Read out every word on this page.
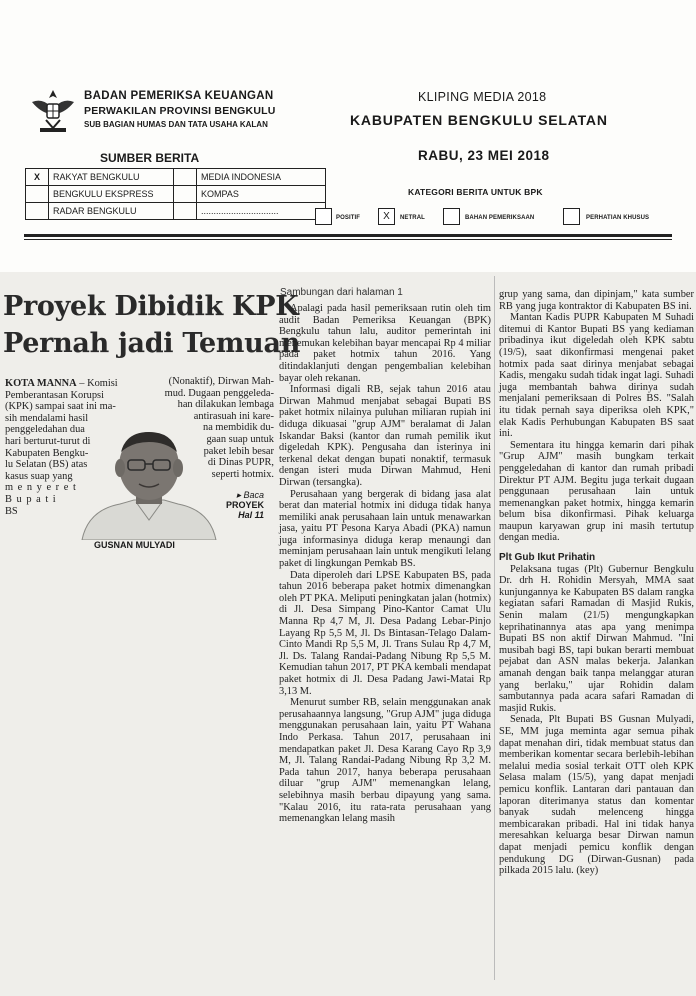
BADAN PEMERIKSA KEUANGAN
PERWAKILAN PROVINSI BENGKULU
SUB BAGIAN HUMAS DAN TATA USAHA KALAN
KLIPING MEDIA 2018
KABUPATEN BENGKULU SELATAN
RABU, 23 MEI 2018
SUMBER BERITA
X	RAKYAT BENGKULU		MEDIA INDONESIA
	BENGKULU EKSPRESS		KOMPAS
	RADAR BENGKULU		...............................
KATEGORI BERITA UNTUK BPK
POSITIF	X	NETRAL	BAHAN PEMERIKSAAN	PERHATIAN KHUSUS
Proyek Dibidik KPK
Pernah jadi Temuan
KOTA MANNA – Komisi
Pemberantasan Korupsi
(KPK) sampai saat ini ma-
sih mendalami hasil
penggeledahan dua
hari berturut-turut di
Kabupaten Bengku-
lu Selatan (BS) atas
kasus suap yang
m e n y e r e t
B u p a t i
BS
(Nonaktif), Dirwan Mah-
mud. Dugaan penggeleda-
han dilakukan lembaga
antirasuah ini kare-
na membidik du-
gaan suap untuk
paket lebih besar
di Dinas PUPR,
seperti hotmix.
▸ Baca
PROYEK
Hal 11
GUSNAN MULYADI
Sambungan dari halaman 1

Apalagi pada hasil pemeriksaan rutin oleh tim audit Badan Pemeriksa Keuangan (BPK) Bengkulu tahun lalu, auditor pemerintah ini menemukan kelebihan bayar mencapai Rp 4 miliar pada paket hotmix tahun 2016. Yang ditindaklanjuti dengan pengembalian kelebihan bayar oleh rekanan.

Informasi digali RB, sejak tahun 2016 atau Dirwan Mahmud menjabat sebagai Bupati BS paket hotmix nilainya puluhan miliaran rupiah ini diduga dikuasai "grup AJM" beralamat di Jalan Iskandar Baksi (kantor dan rumah pemilik ikut digeledah KPK). Pengusaha dan isterinya ini terkenal dekat dengan bupati nonaktif, termasuk dengan isteri muda Dirwan Mahmud, Heni Dirwan (tersangka).

Perusahaan yang bergerak di bidang jasa alat berat dan material hotmix ini diduga tidak hanya memiliki anak perusahaan lain untuk menawarkan jasa, yaitu PT Pesona Karya Abadi (PKA) namun juga informasinya diduga kerap menaungi dan meminjam perusahaan lain untuk mengikuti lelang paket di lingkungan Pemkab BS.

Data diperoleh dari LPSE Kabupaten BS, pada tahun 2016 beberapa paket hotmix dimenangkan oleh PT PKA. Meliputi peningkatan jalan (hotmix) di Jl. Desa Simpang Pino-Kantor Camat Ulu Manna Rp 4,7 M, Jl. Desa Padang Lebar-Pinjo Layang Rp 5,5 M, Jl. Ds Bintasan-Telago Dalam-Cinto Mandi Rp 5,5 M, Jl. Trans Sulau Rp 4,7 M, Jl. Ds. Talang Randai-Padang Nibung Rp 5,5 M. Kemudian tahun 2017, PT PKA kembali mendapat paket hotmix di Jl. Desa Padang Jawi-Matai Rp 3,13 M.

Menurut sumber RB, selain menggunakan anak perusahaannya langsung, "Grup AJM" juga diduga menggunakan perusahaan lain, yaitu PT Wahana Indo Perkasa. Tahun 2017, perusahaan ini mendapatkan paket Jl. Desa Karang Cayo Rp 3,9 M, Jl. Talang Randai-Padang Nibung Rp 3,2 M. Pada tahun 2017, hanya beberapa perusahaan diluar "grup AJM" memenangkan lelang, selebihnya masih berbau dipayung yang sama. "Kalau 2016, itu rata-rata perusahaan yang memenangkan lelang masih

grup yang sama, dan dipinjam," kata sumber RB yang juga kontraktor di Kabupaten BS ini.

Mantan Kadis PUPR Kabupaten M Suhadi ditemui di Kantor Bupati BS yang kediaman pribadinya ikut digeledah oleh KPK sabtu (19/5), saat dikonfirmasi mengenai paket hotmix pada saat dirinya menjabat sebagai Kadis, mengaku sudah tidak ingat lagi. Suhadi juga membantah bahwa dirinya sudah menjalani pemeriksaan di Polres BS. "Salah itu tidak pernah saya diperiksa oleh KPK," elak Kadis Perhubungan Kabupaten BS saat ini.

Sementara itu hingga kemarin dari pihak "Grup AJM" masih bungkam terkait penggeledahan di kantor dan rumah pribadi Direktur PT AJM. Begitu juga terkait dugaan penggunaan perusahaan lain untuk memenangkan paket hotmix, hingga kemarin belum bisa dikonfirmasi. Pihak keluarga maupun karyawan grup ini masih tertutup dengan media.

Plt Gub Ikut Prihatin

Pelaksana tugas (Plt) Gubernur Bengkulu Dr. drh H. Rohidin Mersyah, MMA saat kunjungannya ke Kabupaten BS dalam rangka kegiatan safari Ramadan di Masjid Rukis, Senin malam (21/5) mengungkapkan keprihatinannya atas apa yang menimpa Bupati BS non aktif Dirwan Mahmud. "Ini musibah bagi BS, tapi bukan berarti membuat pejabat dan ASN malas bekerja. Jalankan amanah dengan baik tanpa melanggar aturan yang berlaku," ujar Rohidin dalam sambutannya pada acara safari Ramadan di masjid Rukis.

Senada, Plt Bupati BS Gusnan Mulyadi, SE, MM juga meminta agar semua pihak dapat menahan diri, tidak membuat status dan memberikan komentar secara berlebih-lebihan melalui media sosial terkait OTT oleh KPK Selasa malam (15/5), yang dapat menjadi pemicu konflik. Lantaran dari pantauan dan laporan diterimanya status dan komentar banyak sudah melenceng hingga membicarakan pribadi. Hal ini tidak hanya meresahkan keluarga besar Dirwan namun dapat menjadi pemicu konflik dengan pendukung DG (Dirwan-Gusnan) pada pilkada 2015 lalu. (key)
